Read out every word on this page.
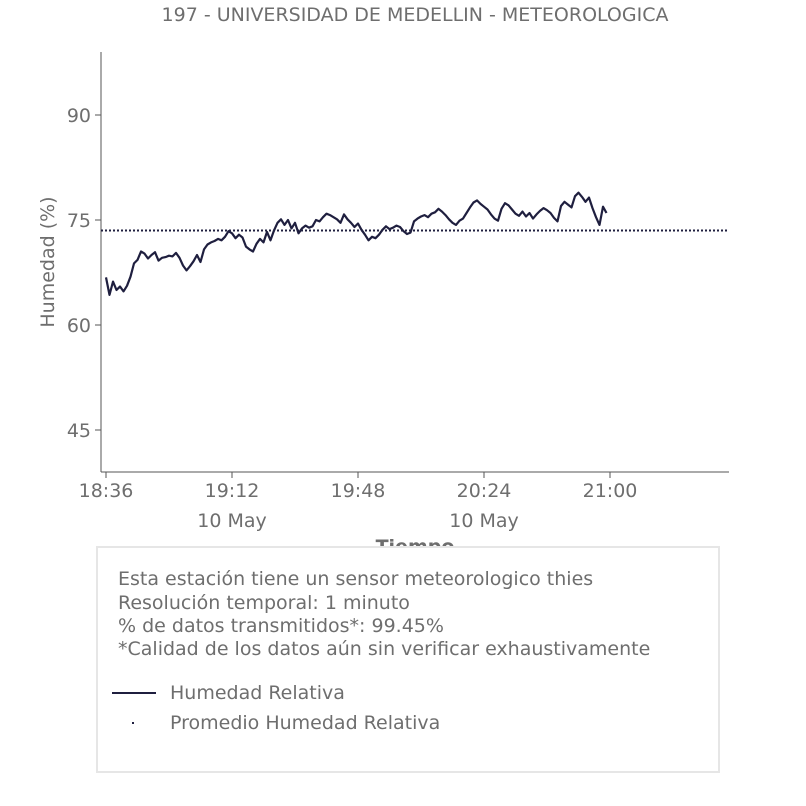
197 - UNIVERSIDAD DE MEDELLIN - METEOROLOGICA
45
60
75
90
18:36	19:12
10 May
19:48	20:24
10 May
21:00
Humedad (%)
Esta estación tiene un sensor meteorologico thies
Resolución temporal: 1 minuto
% de datos transmitidos*: 99.45%
*Calidad de los datos aún sin verificar exhaustivamente
Humedad Relativa
Promedio Humedad Relativa
